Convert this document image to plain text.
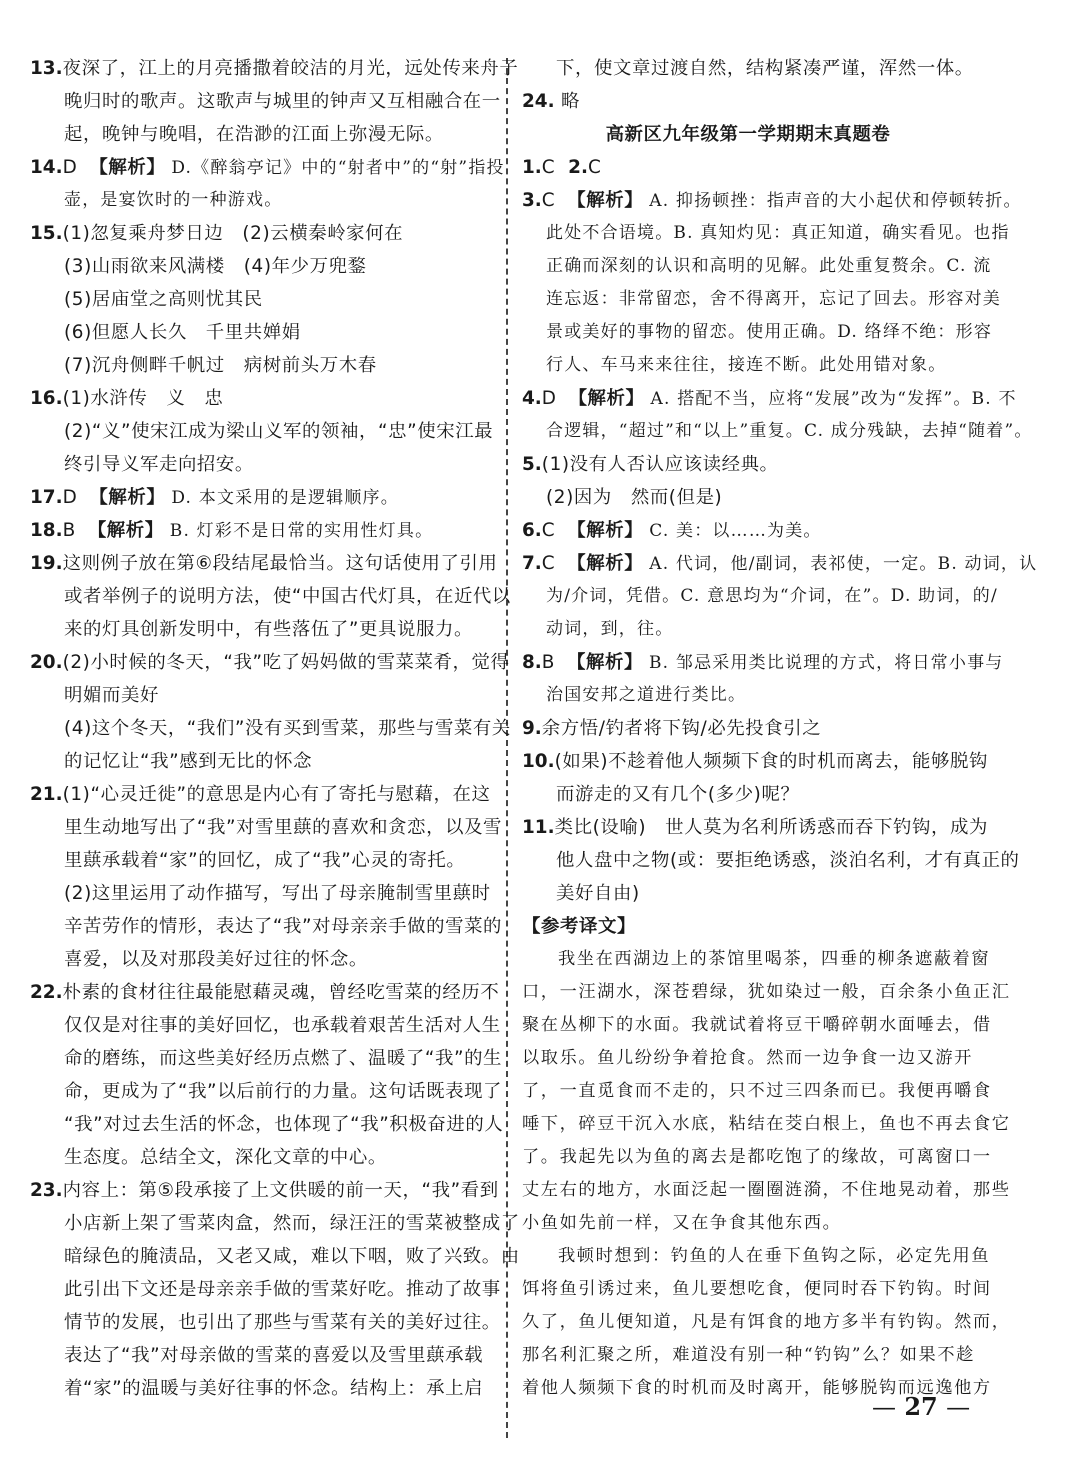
13.夜深了，江上的月亮播撒着皎洁的月光，远处传来舟子
晚归时的歌声。这歌声与城里的钟声又互相融合在一
起，晚钟与晚唱，在浩渺的江面上弥漫无际。
14.D 【解析】 D.《醉翁亭记》中的“射者中”的“射”指投
壶，是宴饮时的一种游戏。
15.(1)忽复乘舟梦日边　(2)云横秦岭家何在
(3)山雨欲来风满楼　(4)年少万兜鍪
(5)居庙堂之高则忧其民
(6)但愿人长久　千里共婵娟
(7)沉舟侧畔千帆过　病树前头万木春
16.(1)水浒传　义　忠
(2)“义”使宋江成为梁山义军的领袖，“忠”使宋江最
终引导义军走向招安。
17.D 【解析】 D. 本文采用的是逻辑顺序。
18.B 【解析】 B. 灯彩不是日常的实用性灯具。
19.这则例子放在第⑥段结尾最恰当。这句话使用了引用
或者举例子的说明方法，使“中国古代灯具，在近代以
来的灯具创新发明中，有些落伍了”更具说服力。
20.(2)小时候的冬天，“我”吃了妈妈做的雪菜菜肴，觉得
明媚而美好
(4)这个冬天，“我们”没有买到雪菜，那些与雪菜有关
的记忆让“我”感到无比的怀念
21.(1)“心灵迁徙”的意思是内心有了寄托与慰藉，在这
里生动地写出了“我”对雪里蕻的喜欢和贪恋，以及雪
里蕻承载着“家”的回忆，成了“我”心灵的寄托。
(2)这里运用了动作描写，写出了母亲腌制雪里蕻时
辛苦劳作的情形，表达了“我”对母亲亲手做的雪菜的
喜爱，以及对那段美好过往的怀念。
22.朴素的食材往往最能慰藉灵魂，曾经吃雪菜的经历不
仅仅是对往事的美好回忆，也承载着艰苦生活对人生
命的磨练，而这些美好经历点燃了、温暖了“我”的生
命，更成为了“我”以后前行的力量。这句话既表现了
“我”对过去生活的怀念，也体现了“我”积极奋进的人
生态度。总结全文，深化文章的中心。
23.内容上：第⑤段承接了上文供暖的前一天，“我”看到
小店新上架了雪菜肉盒，然而，绿汪汪的雪菜被整成了
暗绿色的腌渍品，又老又咸，难以下咽，败了兴致。由
此引出下文还是母亲亲手做的雪菜好吃。推动了故事
情节的发展，也引出了那些与雪菜有关的美好过往。
表达了“我”对母亲做的雪菜的喜爱以及雪里蕻承载
着“家”的温暖与美好往事的怀念。结构上：承上启
下，使文章过渡自然，结构紧凑严谨，浑然一体。
24. 略
高新区九年级第一学期期末真题卷
1.C 2.C
3.C 【解析】 A. 抑扬顿挫：指声音的大小起伏和停顿转折。
此处不合语境。B. 真知灼见：真正知道，确实看见。也指
正确而深刻的认识和高明的见解。此处重复赘余。C. 流
连忘返：非常留恋，舍不得离开，忘记了回去。形容对美
景或美好的事物的留恋。使用正确。D. 络绎不绝：形容
行人、车马来来往往，接连不断。此处用错对象。
4.D 【解析】 A. 搭配不当，应将“发展”改为“发挥”。B. 不
合逻辑，“超过”和“以上”重复。C. 成分残缺，去掉“随着”。
5.(1)没有人否认应该读经典。
(2)因为　然而(但是)
6.C 【解析】 C. 美：以……为美。
7.C 【解析】 A. 代词，他/副词，表祁使，一定。B. 动词，认
为/介词，凭借。C. 意思均为“介词，在”。D. 助词，的/
动词，到，往。
8.B 【解析】 B. 邹忌采用类比说理的方式，将日常小事与
治国安邦之道进行类比。
9.余方悟/钓者将下钩/必先投食引之
10.(如果)不趁着他人频频下食的时机而离去，能够脱钩
而游走的又有几个(多少)呢？
11.类比(设喻)　世人莫为名利所诱惑而吞下钓钩，成为
他人盘中之物(或：要拒绝诱惑，淡泊名利，才有真正的
美好自由)
【参考译文】
我坐在西湖边上的茶馆里喝茶，四垂的柳条遮蔽着窗
口，一汪湖水，深苍碧绿，犹如染过一般，百余条小鱼正汇
聚在丛柳下的水面。我就试着将豆干嚼碎朝水面唾去，借
以取乐。鱼儿纷纷争着抢食。然而一边争食一边又游开
了，一直觅食而不走的，只不过三四条而已。我便再嚼食
唾下，碎豆干沉入水底，粘结在茭白根上，鱼也不再去食它
了。我起先以为鱼的离去是都吃饱了的缘故，可离窗口一
丈左右的地方，水面泛起一圈圈涟漪，不住地晃动着，那些
小鱼如先前一样，又在争食其他东西。
我顿时想到：钓鱼的人在垂下鱼钩之际，必定先用鱼
饵将鱼引诱过来，鱼儿要想吃食，便同时吞下钓钩。时间
久了，鱼儿便知道，凡是有饵食的地方多半有钓钩。然而，
那名利汇聚之所，难道没有别一种“钓钩”么？如果不趁
着他人频频下食的时机而及时离开，能够脱钩而远逸他方
— 27 —
